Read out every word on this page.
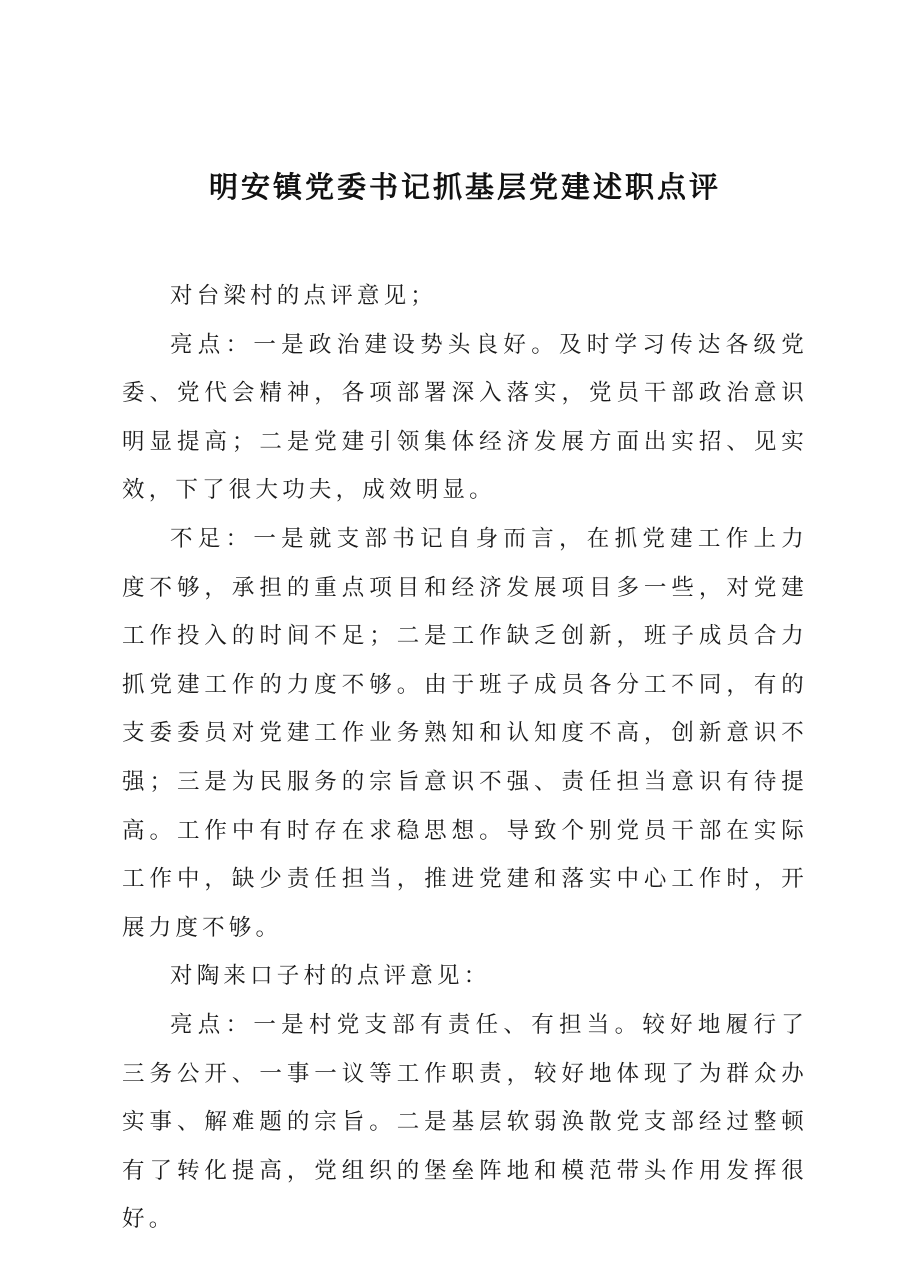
明安镇党委书记抓基层党建述职点评

对台梁村的点评意见；

亮点：一是政治建设势头良好。及时学习传达各级党委、党代会精神，各项部署深入落实，党员干部政治意识明显提高；二是党建引领集体经济发展方面出实招、见实效，下了很大功夫，成效明显。

不足：一是就支部书记自身而言，在抓党建工作上力度不够，承担的重点项目和经济发展项目多一些，对党建工作投入的时间不足；二是工作缺乏创新，班子成员合力抓党建工作的力度不够。由于班子成员各分工不同，有的支委委员对党建工作业务熟知和认知度不高，创新意识不强；三是为民服务的宗旨意识不强、责任担当意识有待提高。工作中有时存在求稳思想。导致个别党员干部在实际工作中，缺少责任担当，推进党建和落实中心工作时，开展力度不够。

对陶来口子村的点评意见：

亮点：一是村党支部有责任、有担当。较好地履行了三务公开、一事一议等工作职责，较好地体现了为群众办实事、解难题的宗旨。二是基层软弱涣散党支部经过整顿有了转化提高，党组织的堡垒阵地和模范带头作用发挥很好。
